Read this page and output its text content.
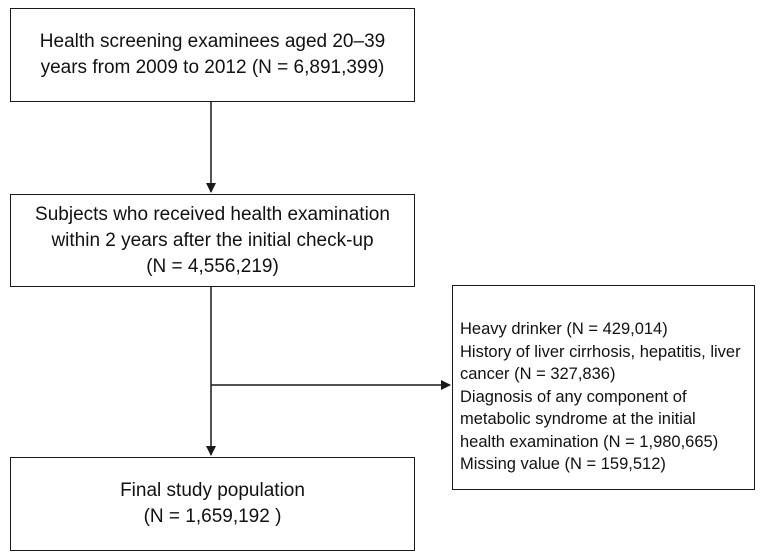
Health screening examinees aged 20–39
years from 2009 to 2012 (N = 6,891,399)
Subjects who received health examination
within 2 years after the initial check-up
(N = 4,556,219)
Final study population
(N = 1,659,192 )
Heavy drinker (N = 429,014)
History of liver cirrhosis, hepatitis, liver
cancer (N = 327,836)
Diagnosis of any component of
metabolic syndrome at the initial
health examination (N = 1,980,665)
Missing value (N = 159,512)
